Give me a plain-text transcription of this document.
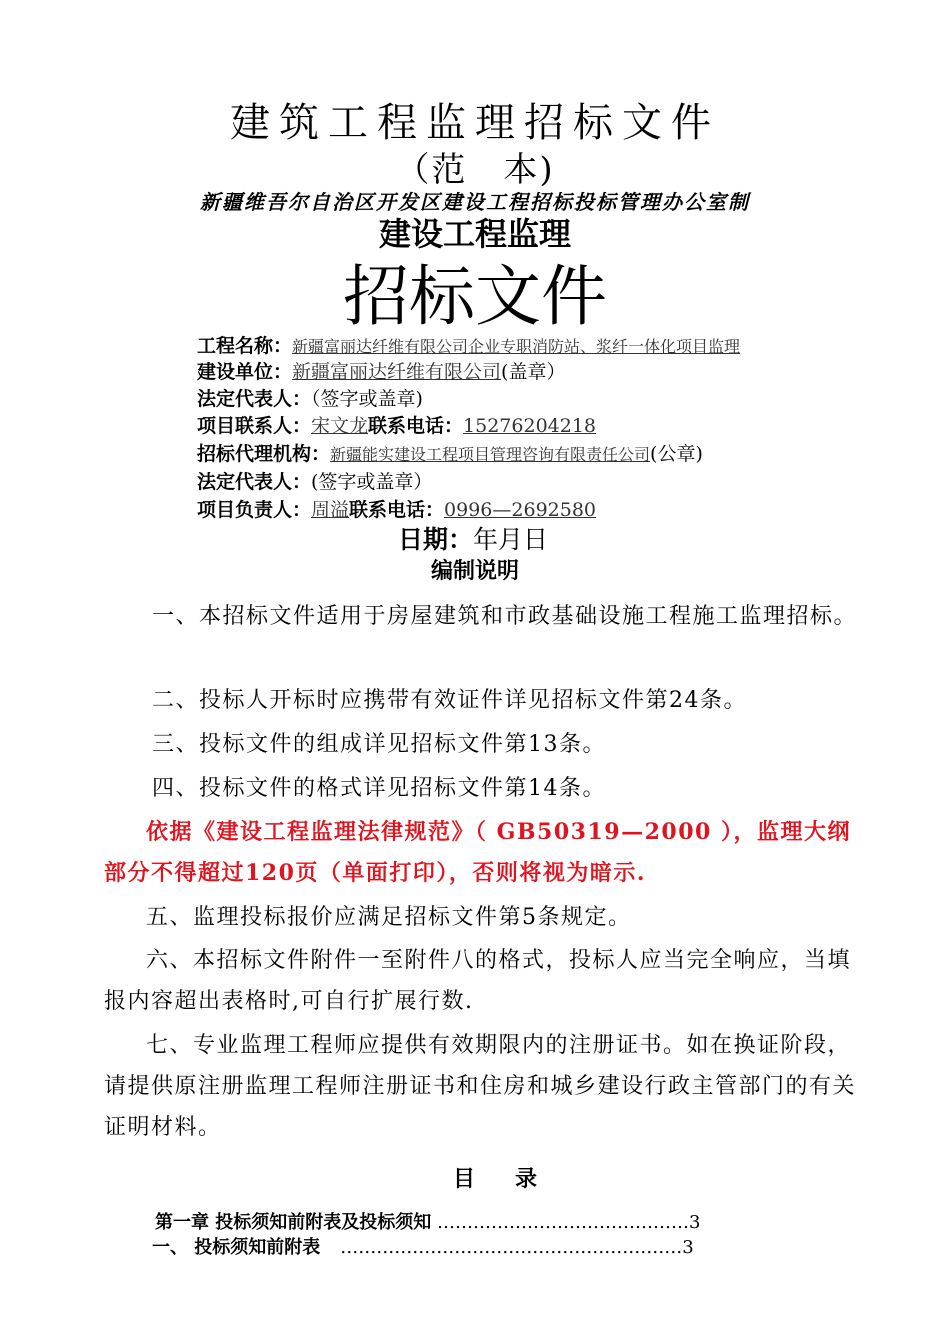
建筑工程监理招标文件
（范　本)
新疆维吾尔自治区开发区建设工程招标投标管理办公室制
建设工程监理
招标文件
工程名称：新疆富丽达纤维有限公司企业专职消防站、浆纤一体化项目监理
建设单位：新疆富丽达纤维有限公司(盖章）
法定代表人：（签字或盖章)
项目联系人：宋文龙联系电话：15276204218
招标代理机构：新疆能实建设工程项目管理咨询有限责任公司(公章)
法定代表人：(签字或盖章）
项目负责人：周溢联系电话：0996—2692580
日期：年月日
编制说明
一、本招标文件适用于房屋建筑和市政基础设施工程施工监理招标。
二、投标人开标时应携带有效证件详见招标文件第24条。
三、投标文件的组成详见招标文件第13条。
四、投标文件的格式详见招标文件第14条。
依据《建设工程监理法律规范》（ GB50319—2000 ），监理大纲部分不得超过120页（单面打印），否则将视为暗示.
五、监理投标报价应满足招标文件第5条规定。
六、本招标文件附件一至附件八的格式，投标人应当完全响应，当填报内容超出表格时,可自行扩展行数.
七、专业监理工程师应提供有效期限内的注册证书。如在换证阶段，请提供原注册监理工程师注册证书和住房和城乡建设行政主管部门的有关证明材料。
目录
第一章 投标须知前附表及投标须知 ……………………………………3
一、 投标须知前附表 …………………………………………………3
